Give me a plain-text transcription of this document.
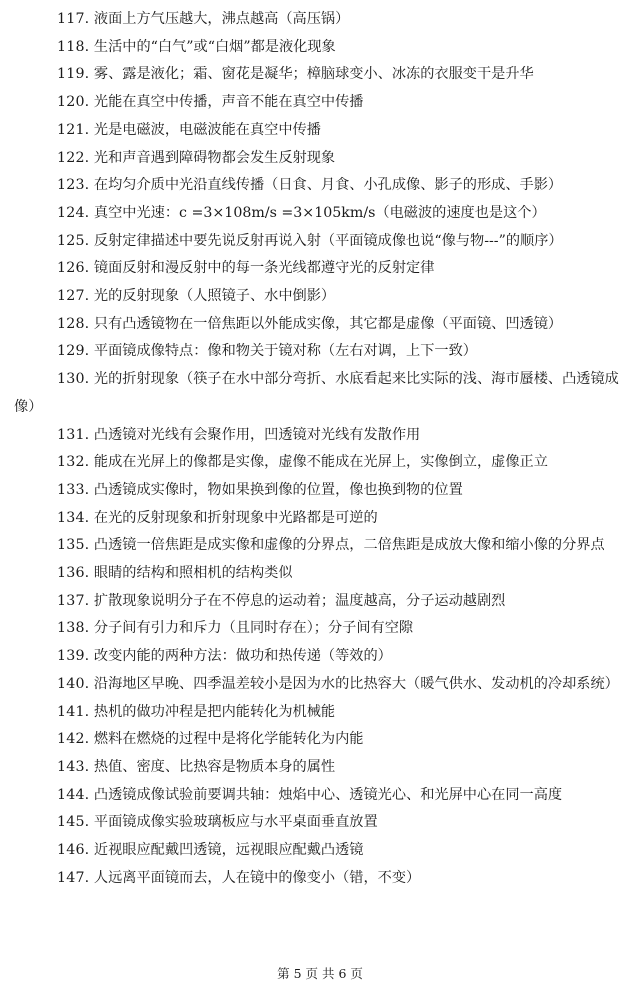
117. 液面上方气压越大，沸点越高（高压锅）
118. 生活中的“白气”或“白烟”都是液化现象
119. 雾、露是液化；霜、窗花是凝华；樟脑球变小、冰冻的衣服变干是升华
120. 光能在真空中传播，声音不能在真空中传播
121. 光是电磁波，电磁波能在真空中传播
122. 光和声音遇到障碍物都会发生反射现象
123. 在均匀介质中光沿直线传播（日食、月食、小孔成像、影子的形成、手影）
124. 真空中光速：c =3×108m/s =3×105km/s（电磁波的速度也是这个）
125. 反射定律描述中要先说反射再说入射（平面镜成像也说“像与物---”的顺序）
126. 镜面反射和漫反射中的每一条光线都遵守光的反射定律
127. 光的反射现象（人照镜子、水中倒影）
128. 只有凸透镜物在一倍焦距以外能成实像，其它都是虚像（平面镜、凹透镜）
129. 平面镜成像特点：像和物关于镜对称（左右对调，上下一致）
130. 光的折射现象（筷子在水中部分弯折、水底看起来比实际的浅、海市蜃楼、凸透镜成像）
131. 凸透镜对光线有会聚作用，凹透镜对光线有发散作用
132. 能成在光屏上的像都是实像，虚像不能成在光屏上，实像倒立，虚像正立
133. 凸透镜成实像时，物如果换到像的位置，像也换到物的位置
134. 在光的反射现象和折射现象中光路都是可逆的
135. 凸透镜一倍焦距是成实像和虚像的分界点，二倍焦距是成放大像和缩小像的分界点
136. 眼睛的结构和照相机的结构类似
137. 扩散现象说明分子在不停息的运动着；温度越高，分子运动越剧烈
138. 分子间有引力和斥力（且同时存在）；分子间有空隙
139. 改变内能的两种方法：做功和热传递（等效的）
140. 沿海地区早晚、四季温差较小是因为水的比热容大（暖气供水、发动机的冷却系统）
141. 热机的做功冲程是把内能转化为机械能
142. 燃料在燃烧的过程中是将化学能转化为内能
143. 热值、密度、比热容是物质本身的属性
144. 凸透镜成像试验前要调共轴：烛焰中心、透镜光心、和光屏中心在同一高度
145. 平面镜成像实验玻璃板应与水平桌面垂直放置
146. 近视眼应配戴凹透镜，远视眼应配戴凸透镜
147. 人远离平面镜而去，人在镜中的像变小（错，不变）
第 5 页 共 6 页
